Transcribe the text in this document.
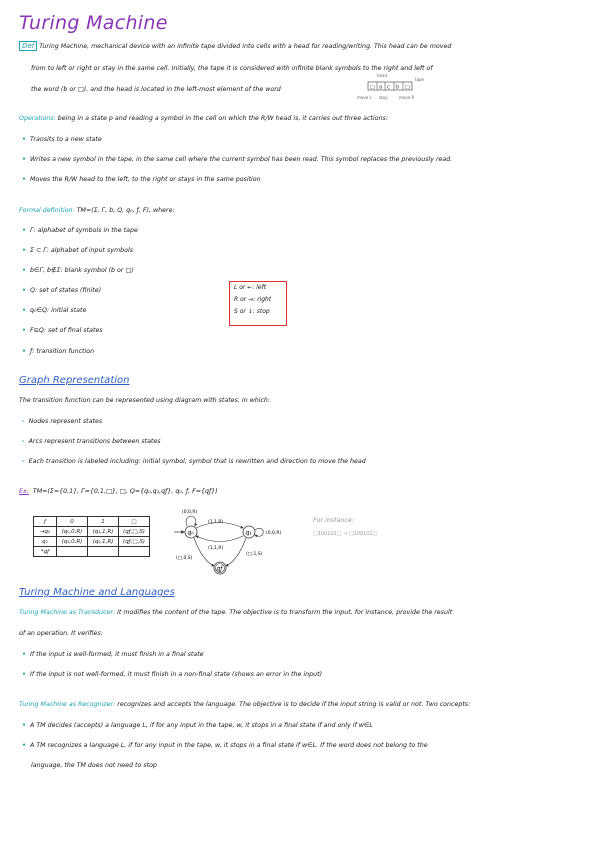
Turing Machine
Def Turing Machine, mechanical device with an infinite tape divided into cells with a head for reading/writing. This head can be moved
from to left or right or stay in the same cell. Initially, the tape it is considered with infinite blank symbols to the right and left of
the word (b or □), and the head is located in the left-most element of the word
head
tape
□ a c b □
move L stop	move R
Operations: being in a state p and reading a symbol in the cell on which the R/W head is, it carries out three actions:
• Transits to a new state
• Writes a new symbol in the tape, in the same cell where the current symbol has been read. This symbol replaces the previously read.
• Moves the R/W head to the left, to the right or stays in the same position
Formal definition: TM=(Σ, Γ, b, Q, q₀, ƒ, F), where:
• Γ: alphabet of symbols in the tape
• Σ ⊂ Γ: alphabet of input symbols
• b∈Γ, b∉Σ: blank symbol (b or □)
• Q: set of states (finite)
• q₀∈Q: initial state
• F⊆Q: set of final states
• ƒ: transition function
L or ←: left
R or →: right
S or ↓: stop
Graph Representation
The transition function can be represented using diagram with states, in which:
- Nodes represent states
- Arcs represent transitions between states
- Each transition is labeled including: initial symbol, symbol that is rewritten and direction to move the head
Ex: TM=(Σ={0,1}, Γ={0,1,□}, □, Q={q₀,q₁,qƒ}, q₀, ƒ, F={qƒ})
ƒ	0	1	□
→q₀	(q₀,0,R)	(q₁,1,R)	(qƒ,□,S)
q₁	(q₁,0,R)	(q₀,1,R)	(qƒ,□,S)
*qƒ			
q₀
(0,0,R)
q₁
(1,1,R)
(1,1,R)
(0,0,R)
qƒ
(□,0,S)
(□,1,S)
For instance:
□100101□ → □100101□
Turing Machine and Languages
Turing Machine as Transducer: it modifies the content of the tape. The objective is to transform the input, for instance, provide the result
of an operation. It verifies:
• If the input is well-formed, it must finish in a final state
• If the input is not well-formed, it must finish in a non-final state (shows an error in the input)
Turing Machine as Recognizer: recognizes and accepts the language. The objective is to decide if the input string is valid or not. Two concepts:
• A TM decides (accepts) a language L, if for any input in the tape, w, it stops in a final state if and only if w∈L
• A TM recognizes a language L, if for any input in the tape, w, it stops in a final state if w∈L. If the word does not belong to the
language, the TM does not need to stop
